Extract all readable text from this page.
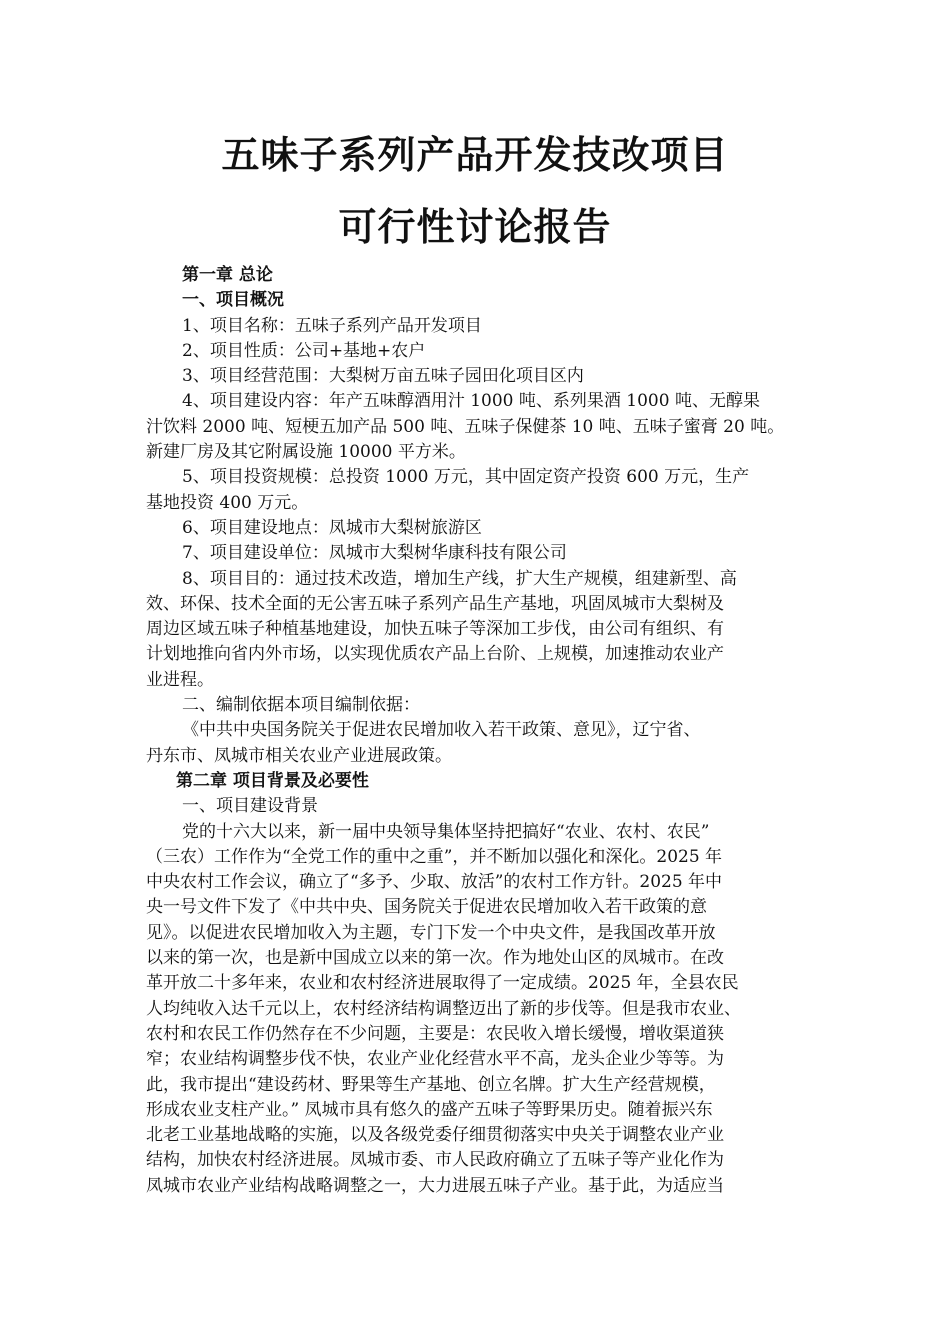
五味子系列产品开发技改项目
可行性讨论报告

第一章 总论

一、项目概况

1、项目名称：五味子系列产品开发项目

2、项目性质：公司+基地+农户

3、项目经营范围：大梨树万亩五味子园田化项目区内

4、项目建设内容：年产五味醇酒用汁 1000 吨、系列果酒 1000 吨、无醇果

汁饮料 2000 吨、短梗五加产品 500 吨、五味子保健茶 10 吨、五味子蜜膏 20 吨。

新建厂房及其它附属设施 10000 平方米。

5、项目投资规模：总投资 1000 万元，其中固定资产投资 600 万元，生产

基地投资 400 万元。

6、项目建设地点：凤城市大梨树旅游区

7、项目建设单位：凤城市大梨树华康科技有限公司

8、项目目的：通过技术改造，增加生产线，扩大生产规模，组建新型、高

效、环保、技术全面的无公害五味子系列产品生产基地，巩固凤城市大梨树及

周边区域五味子种植基地建设，加快五味子等深加工步伐，由公司有组织、有

计划地推向省内外市场，以实现优质农产品上台阶、上规模，加速推动农业产

业进程。

二、编制依据本项目编制依据：

《中共中央国务院关于促进农民增加收入若干政策、意见》，辽宁省、

丹东市、凤城市相关农业产业进展政策。

第二章 项目背景及必要性

一、项目建设背景

党的十六大以来，新一届中央领导集体坚持把搞好“农业、农村、农民”

（三农）工作作为“全党工作的重中之重”，并不断加以强化和深化。2025 年

中央农村工作会议，确立了“多予、少取、放活”的农村工作方针。2025 年中

央一号文件下发了《中共中央、国务院关于促进农民增加收入若干政策的意

见》。以促进农民增加收入为主题，专门下发一个中央文件，是我国改革开放

以来的第一次，也是新中国成立以来的第一次。作为地处山区的凤城市。在改

革开放二十多年来，农业和农村经济进展取得了一定成绩。2025 年，全县农民

人均纯收入达千元以上，农村经济结构调整迈出了新的步伐等。但是我市农业、

农村和农民工作仍然存在不少问题，主要是：农民收入增长缓慢，增收渠道狭

窄；农业结构调整步伐不快，农业产业化经营水平不高，龙头企业少等等。为

此，我市提出“建设药材、野果等生产基地、创立名牌。扩大生产经营规模，

形成农业支柱产业。” 凤城市具有悠久的盛产五味子等野果历史。随着振兴东

北老工业基地战略的实施，以及各级党委仔细贯彻落实中央关于调整农业产业

结构，加快农村经济进展。凤城市委、市人民政府确立了五味子等产业化作为

凤城市农业产业结构战略调整之一，大力进展五味子产业。基于此，为适应当
